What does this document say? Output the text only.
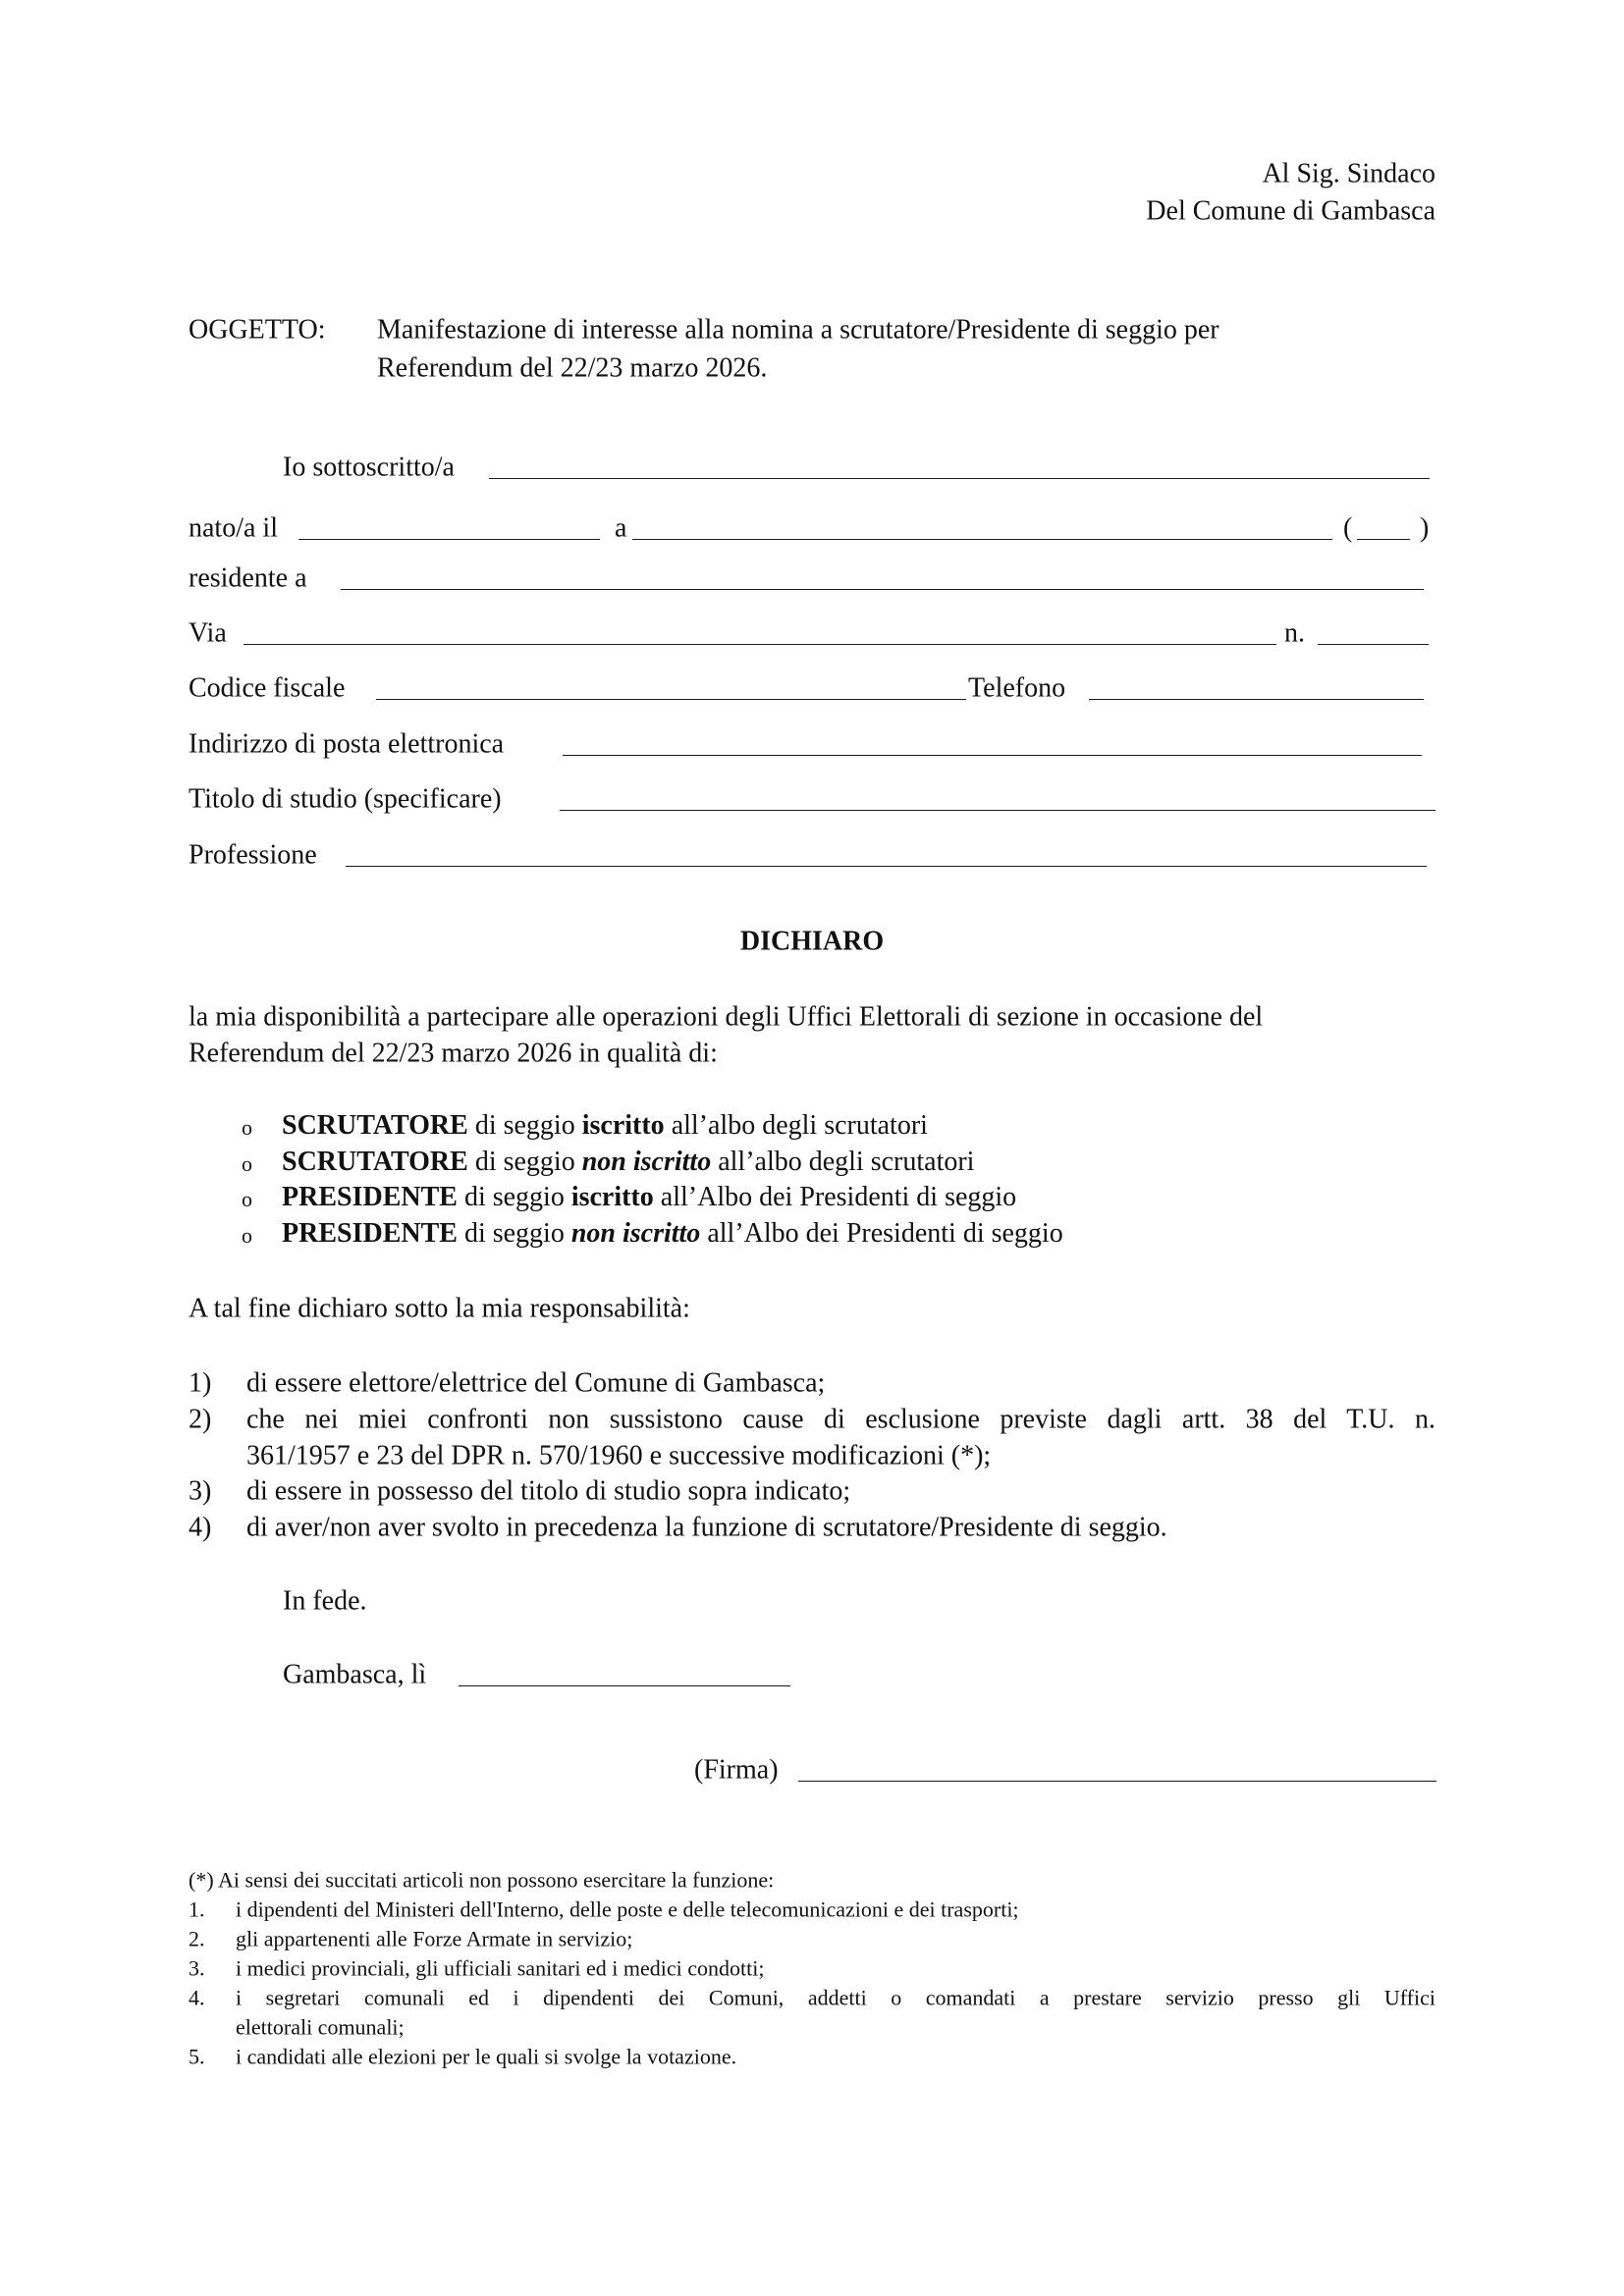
Al Sig. Sindaco
Del Comune di Gambasca
OGGETTO: Manifestazione di interesse alla nomina a scrutatore/Presidente di seggio per
Referendum del 22/23 marzo 2026.
Io sottoscritto/a
nato/a il	a	( )
residente a
Via	n.
Codice fiscale	Telefono
Indirizzo di posta elettronica
Titolo di studio (specificare)
Professione
DICHIARO
la mia disponibilità a partecipare alle operazioni degli Uffici Elettorali di sezione in occasione del
Referendum del 22/23 marzo 2026 in qualità di:
o SCRUTATORE di seggio iscritto all’albo degli scrutatori
o SCRUTATORE di seggio non iscritto all’albo degli scrutatori
o PRESIDENTE di seggio iscritto all’Albo dei Presidenti di seggio
o PRESIDENTE di seggio non iscritto all’Albo dei Presidenti di seggio
A tal fine dichiaro sotto la mia responsabilità:
1) di essere elettore/elettrice del Comune di Gambasca;
2) che nei miei confronti non sussistono cause di esclusione previste dagli artt. 38 del T.U. n.
361/1957 e 23 del DPR n. 570/1960 e successive modificazioni (*);
3) di essere in possesso del titolo di studio sopra indicato;
4) di aver/non aver svolto in precedenza la funzione di scrutatore/Presidente di seggio.
In fede.
Gambasca, lì
(Firma)
(*) Ai sensi dei succitati articoli non possono esercitare la funzione:
1. i dipendenti del Ministeri dell'Interno, delle poste e delle telecomunicazioni e dei trasporti;
2. gli appartenenti alle Forze Armate in servizio;
3. i medici provinciali, gli ufficiali sanitari ed i medici condotti;
4. i segretari comunali ed i dipendenti dei Comuni, addetti o comandati a prestare servizio presso gli Uffici
elettorali comunali;
5. i candidati alle elezioni per le quali si svolge la votazione.
